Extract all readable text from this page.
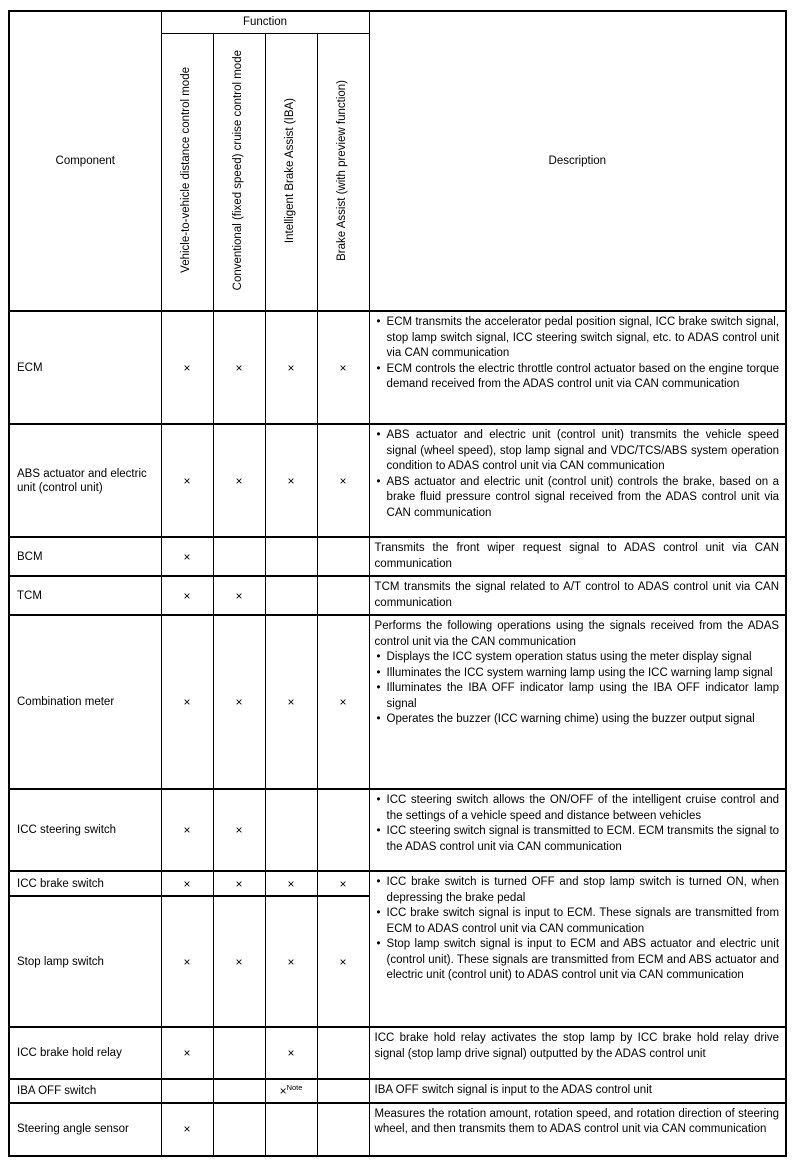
Component	Function				Description
	Vehicle-to-vehicle distance control mode	Conventional (fixed speed) cruise control mode	Intelligent Brake Assist (IBA)	Brake Assist (with preview function)	
ECM	×	×	×	×	• ECM transmits the accelerator pedal position signal, ICC brake switch signal, stop lamp switch signal, ICC steering switch signal, etc. to ADAS control unit via CAN communication
• ECM controls the electric throttle control actuator based on the engine torque demand received from the ADAS control unit via CAN communication

ABS actuator and electric unit (control unit)	×	×	×	×	• ABS actuator and electric unit (control unit) transmits the vehicle speed signal (wheel speed), stop lamp signal and VDC/TCS/ABS system operation condition to ADAS control unit via CAN communication
• ABS actuator and electric unit (control unit) controls the brake, based on a brake fluid pressure control signal received from the ADAS control unit via CAN communication

BCM	×				Transmits the front wiper request signal to ADAS control unit via CAN communication

TCM	×	×			TCM transmits the signal related to A/T control to ADAS control unit via CAN communication

Combination meter	×	×	×	×	Performs the following operations using the signals received from the ADAS control unit via the CAN communication
• Displays the ICC system operation status using the meter display signal
• Illuminates the ICC system warning lamp using the ICC warning lamp signal
• Illuminates the IBA OFF indicator lamp using the IBA OFF indicator lamp signal
• Operates the buzzer (ICC warning chime) using the buzzer output signal

ICC steering switch	×	×			• ICC steering switch allows the ON/OFF of the intelligent cruise control and the settings of a vehicle speed and distance between vehicles
• ICC steering switch signal is transmitted to ECM. ECM transmits the signal to the ADAS control unit via CAN communication

ICC brake switch	×	×	×	×	• ICC brake switch is turned OFF and stop lamp switch is turned ON, when depressing the brake pedal
• ICC brake switch signal is input to ECM. These signals are transmitted from ECM to ADAS control unit via CAN communication
• Stop lamp switch signal is input to ECM and ABS actuator and electric unit (control unit). These signals are transmitted from ECM and ABS actuator and electric unit (control unit) to ADAS control unit via CAN communication

Stop lamp switch	×	×	×	×	
ICC brake hold relay	×		×		ICC brake hold relay activates the stop lamp by ICC brake hold relay drive signal (stop lamp drive signal) outputted by the ADAS control unit

IBA OFF switch			×$^{Note}$		IBA OFF switch signal is input to the ADAS control unit

Steering angle sensor	×				Measures the rotation amount, rotation speed, and rotation direction of steering wheel, and then transmits them to ADAS control unit via CAN communication
